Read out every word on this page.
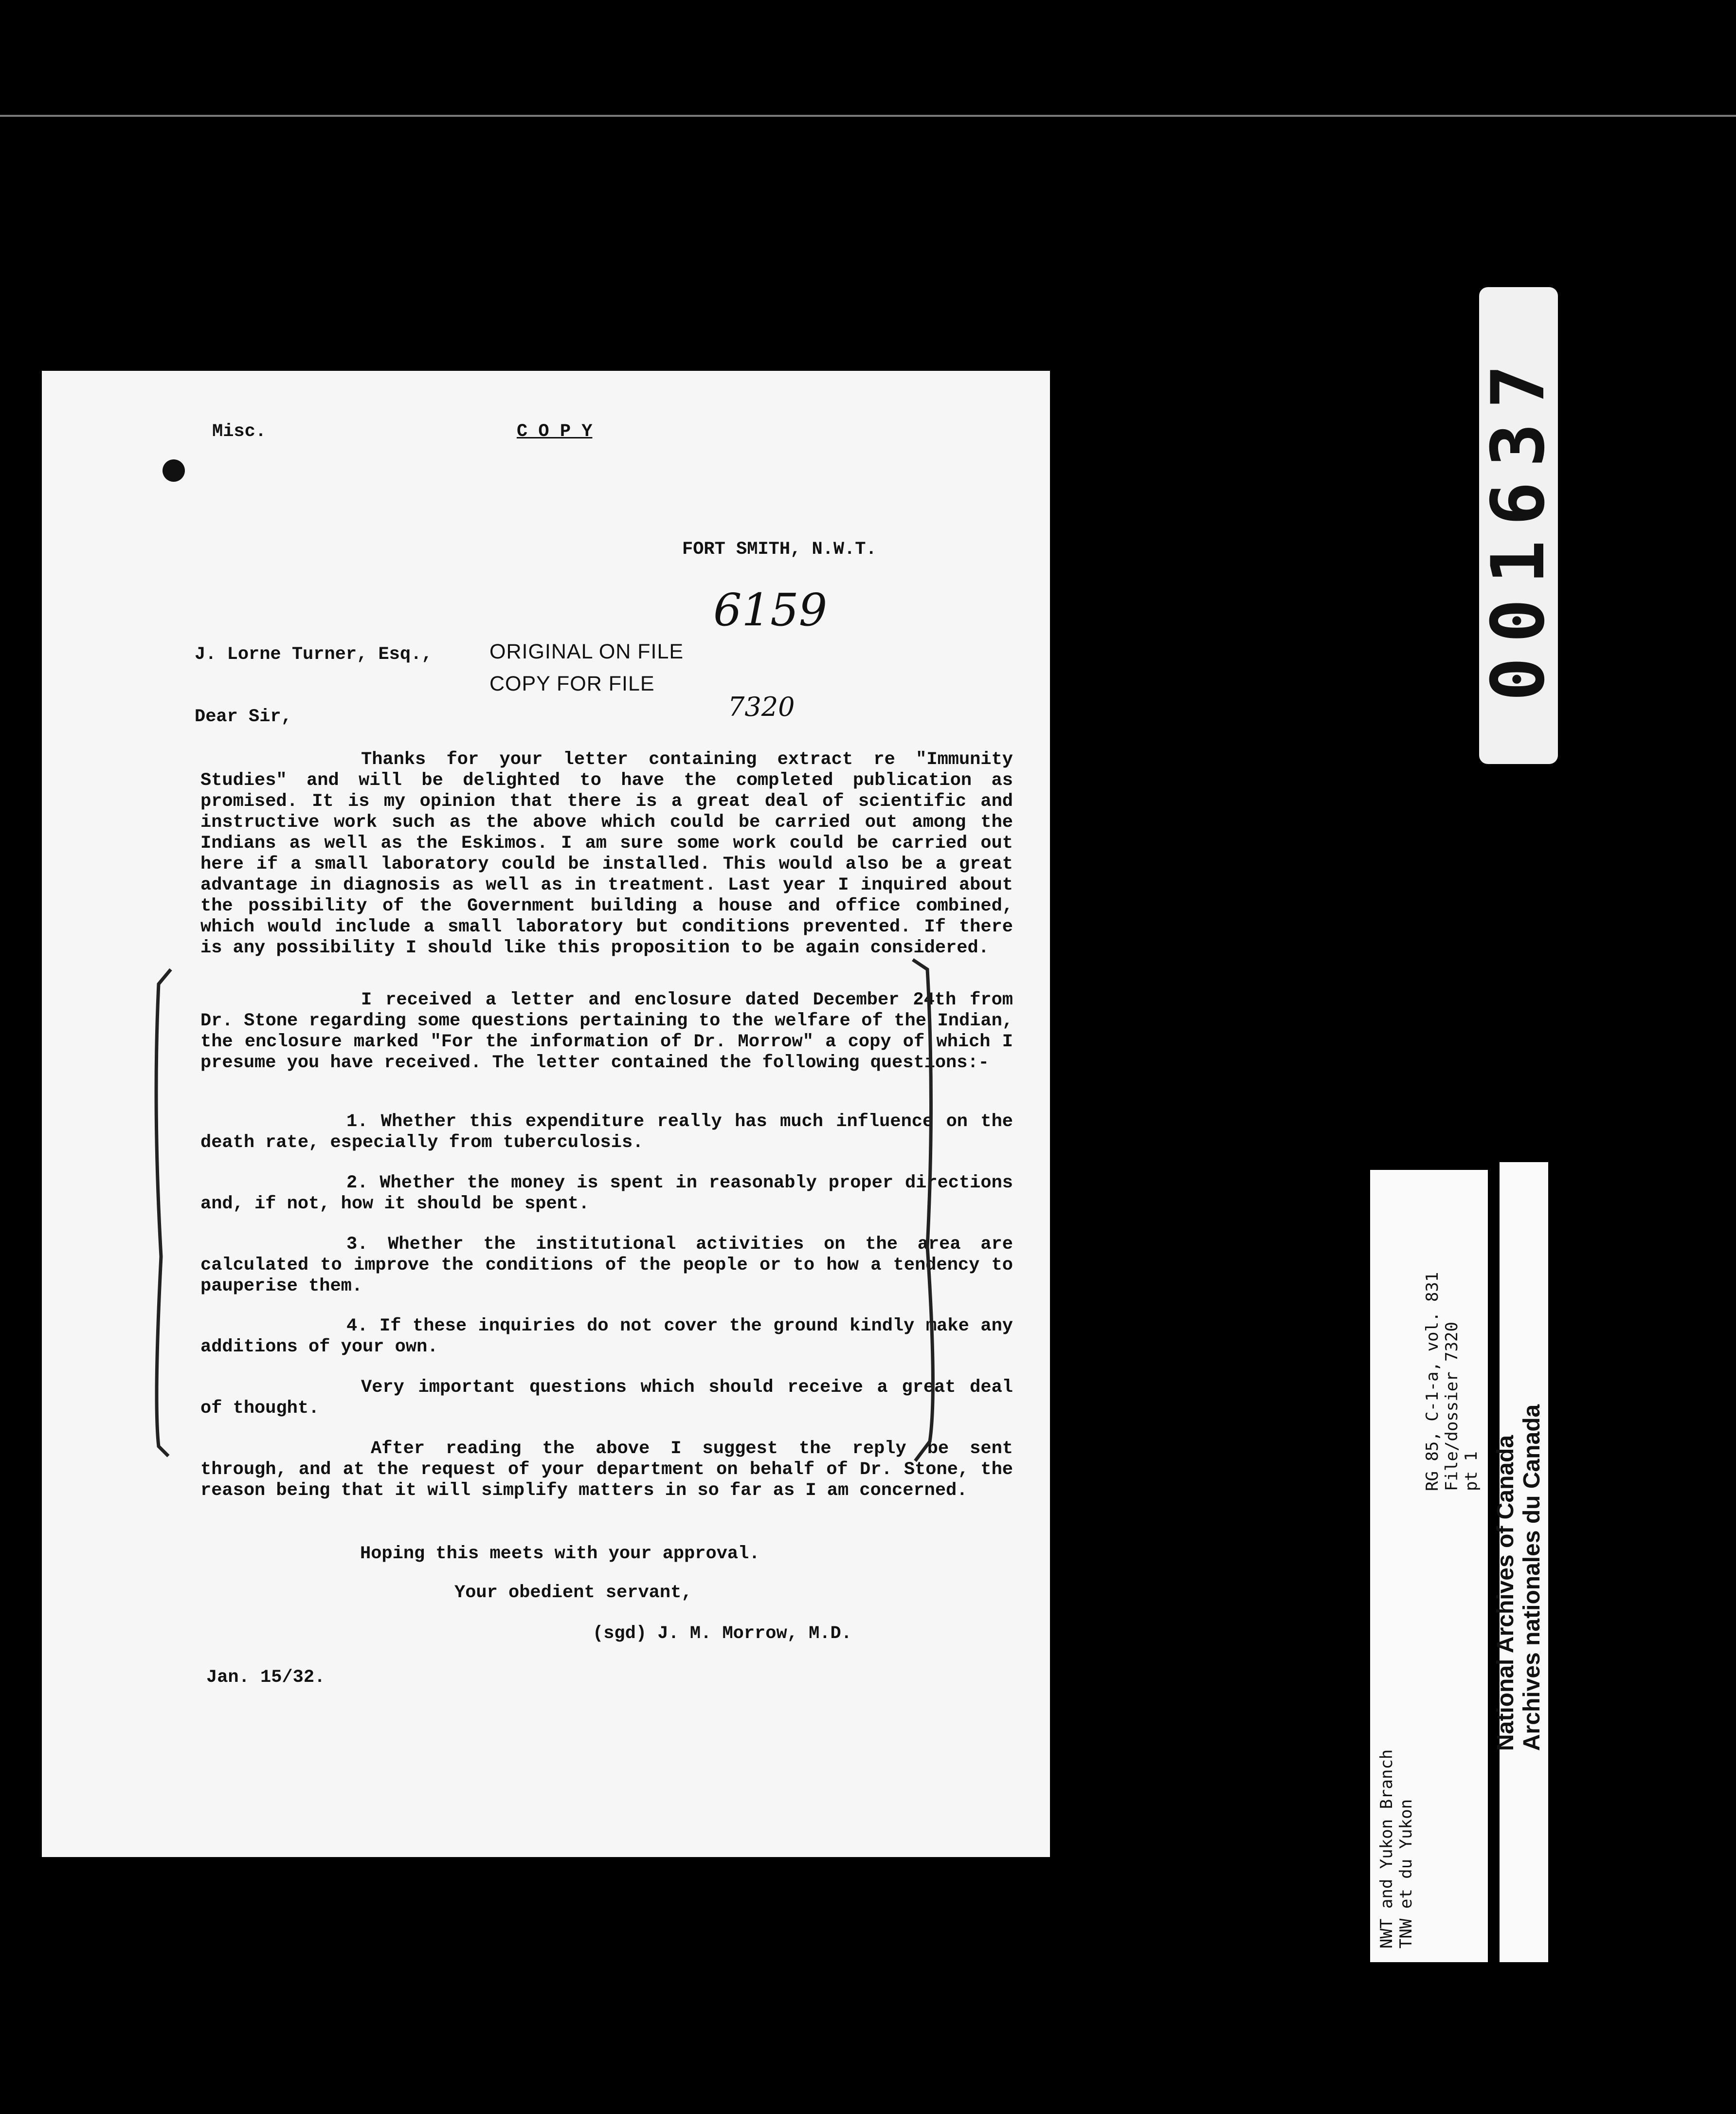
Misc.	C O P Y
FORT SMITH, N.W.T.
6159
J. Lorne Turner, Esq.,	ORIGINAL ON FILE
COPY FOR FILE
7320
Dear Sir,
Thanks for your letter containing extract re "Immunity Studies" and will be delighted to have the completed publication as promised. It is my opinion that there is a great deal of scientific and instructive work such as the above which could be carried out among the Indians as well as the Eskimos. I am sure some work could be carried out here if a small laboratory could be installed. This would also be a great advantage in diagnosis as well as in treatment. Last year I inquired about the possibility of the Government building a house and office combined, which would include a small laboratory but conditions prevented. If there is any possibility I should like this proposition to be again considered.
I received a letter and enclosure dated December 24th from Dr. Stone regarding some questions pertaining to the welfare of the Indian, the enclosure marked "For the information of Dr. Morrow" a copy of which I presume you have received. The letter contained the following questions:-
1. Whether this expenditure really has much influence on the death rate, especially from tuberculosis.
2. Whether the money is spent in reasonably proper directions and, if not, how it should be spent.
3. Whether the institutional activities on the area are calculated to improve the conditions of the people or to how a tendency to pauperise them.
4. If these inquiries do not cover the ground kindly make any additions of your own.
Very important questions which should receive a great deal of thought.
After reading the above I suggest the reply be sent through, and at the request of your department on behalf of Dr. Stone, the reason being that it will simplify matters in so far as I am concerned.
Hoping this meets with your approval.
Your obedient servant,
(sgd) J. M. Morrow, M.D.
Jan. 15/32.
001637
NWT and Yukon Branch TNW et du Yukon
RG 85, C-1-a, vol. 831 File/dossier 7320 pt 1 National Archives of Canada Archives nationales du Canada
